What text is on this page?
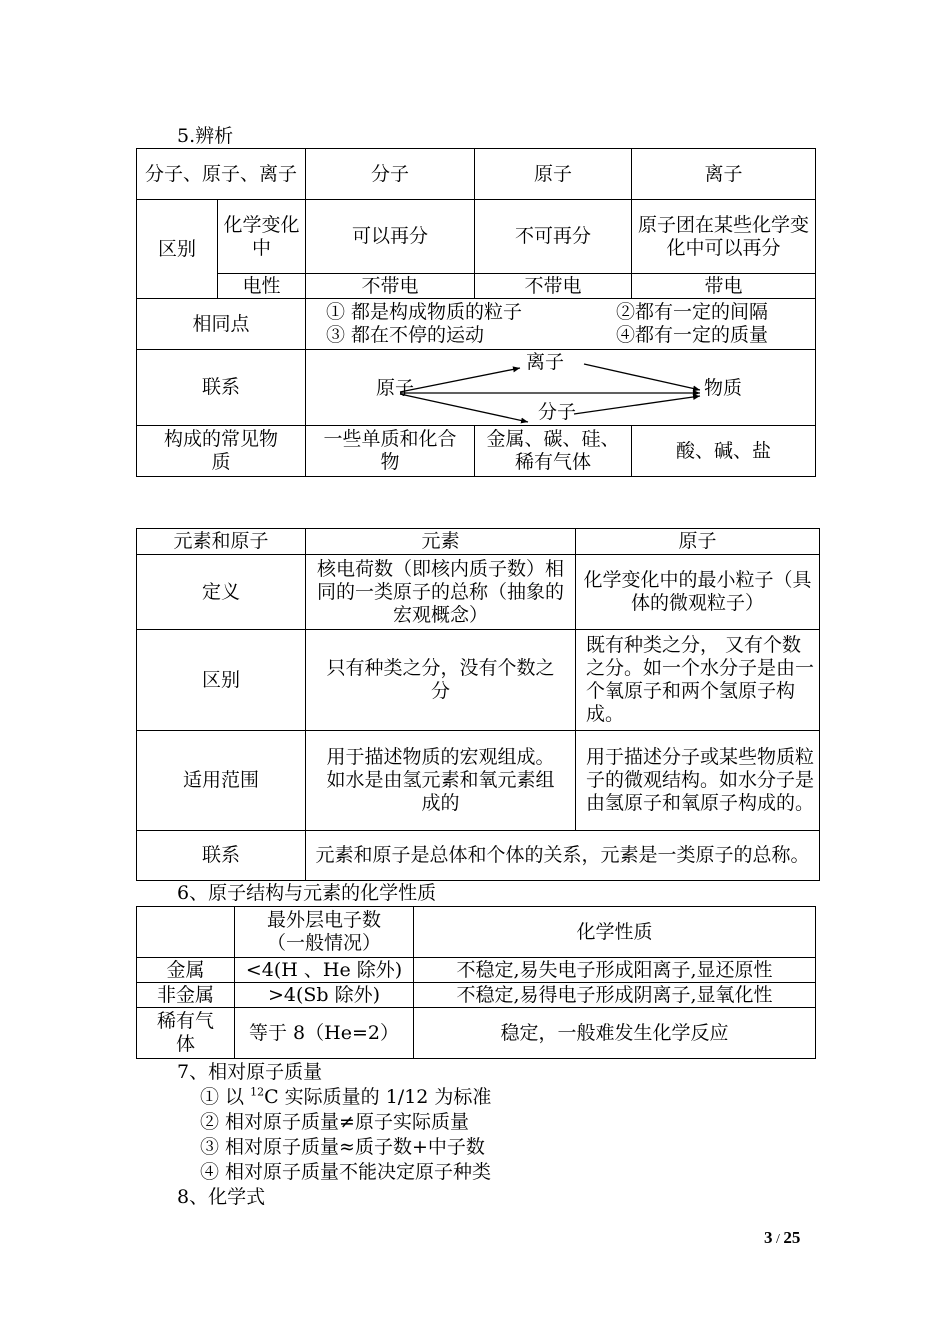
5.辨析
分子、原子、离子		分子	原子	离子
区别	化学变化中	可以再分	不可再分	原子团在某些化学变化中可以再分
	电性	不带电	不带电	带电
相同点		① 都是构成物质的粒子 ②都有一定的间隔
③ 都在不停的运动 ④都有一定的质量		

联系		原子
离子
分子
物质		

构成的常见物质		一些单质和化合物	金属、碳、硅、稀有气体	酸、碱、盐
元素和原子	元素	原子
定义	核电荷数（即核内质子数）相同的一类原子的总称（抽象的宏观概念）	化学变化中的最小粒子（具体的微观粒子）
区别	只有种类之分，没有个数之分	既有种类之分， 又有个数之分。如一个水分子是由一个氧原子和两个氢原子构成。
适用范围	用于描述物质的宏观组成。如水是由氢元素和氧元素组成的	用于描述分子或某些物质粒子的微观结构。如水分子是由氢原子和氧原子构成的。
联系	元素和原子是总体和个体的关系，元素是一类原子的总称。	
6、原子结构与元素的化学性质
	最外层电子数（一般情况）	化学性质
金属	<4(H 、He 除外)	不稳定,易失电子形成阳离子,显还原性
非金属	>4(Sb 除外)	不稳定,易得电子形成阴离子,显氧化性
稀有气体	等于 8（He=2）	稳定，一般难发生化学反应
7、相对原子质量
① 以 $^{12}$C 实际质量的 1/12 为标准
② 相对原子质量≠原子实际质量
③ 相对原子质量≈质子数+中子数
④ 相对原子质量不能决定原子种类
8、化学式
3 / 25
